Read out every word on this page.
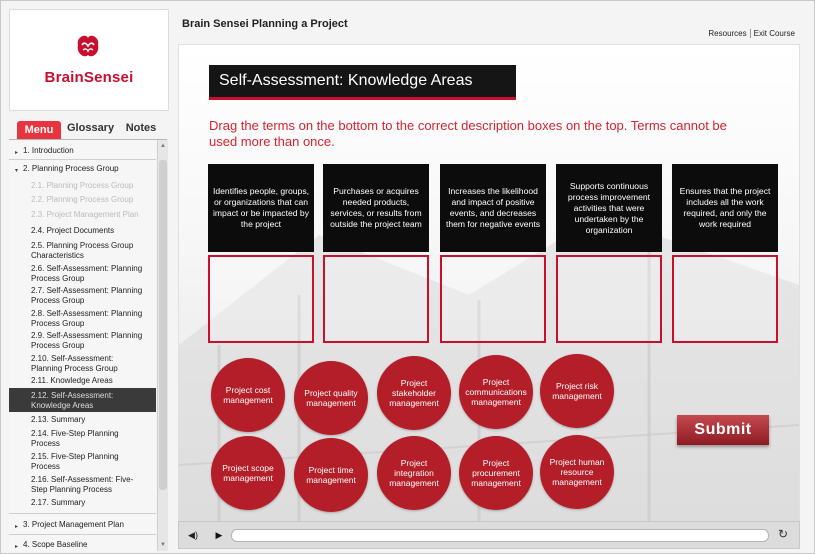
BrainSensei
Menu	Glossary	Notes
▸ 1. Introduction
▾ 2. Planning Process Group
2.1. Planning Process Group
2.2. Planning Process Group
2.3. Project Management Plan
2.4. Project Documents
2.5. Planning Process Group Characteristics
2.6. Self-Assessment: Planning Process Group
2.7. Self-Assessment: Planning Process Group
2.8. Self-Assessment: Planning Process Group
2.9. Self-Assessment: Planning Process Group
2.10. Self-Assessment: Planning Process Group
2.11. Knowledge Areas
2.12. Self-Assessment: Knowledge Areas
2.13. Summary
2.14. Five-Step Planning Process
2.15. Five-Step Planning Process
2.16. Self-Assessment: Five-Step Planning Process
2.17. Summary
▸ 3. Project Management Plan
▸ 4. Scope Baseline
▲
▼
Brain Sensei Planning a Project
Resources Exit Course
Self-Assessment: Knowledge Areas
Drag the terms on the bottom to the correct description boxes on the top. Terms cannot be used more than once.
Identifies people, groups, or organizations that can impact or be impacted by the project
Purchases or acquires needed products, services, or results from outside the project team
Increases the likelihood and impact of positive events, and decreases them for negative events
Supports continuous process improvement activities that were undertaken by the organization
Ensures that the project includes all the work required, and only the work required
Project cost management
Project quality management
Project stakeholder management
Project communications management
Project risk management
Project scope management
Project time management
Project integration management
Project procurement management
Project human resource management
Submit
◀)	▶	↻
